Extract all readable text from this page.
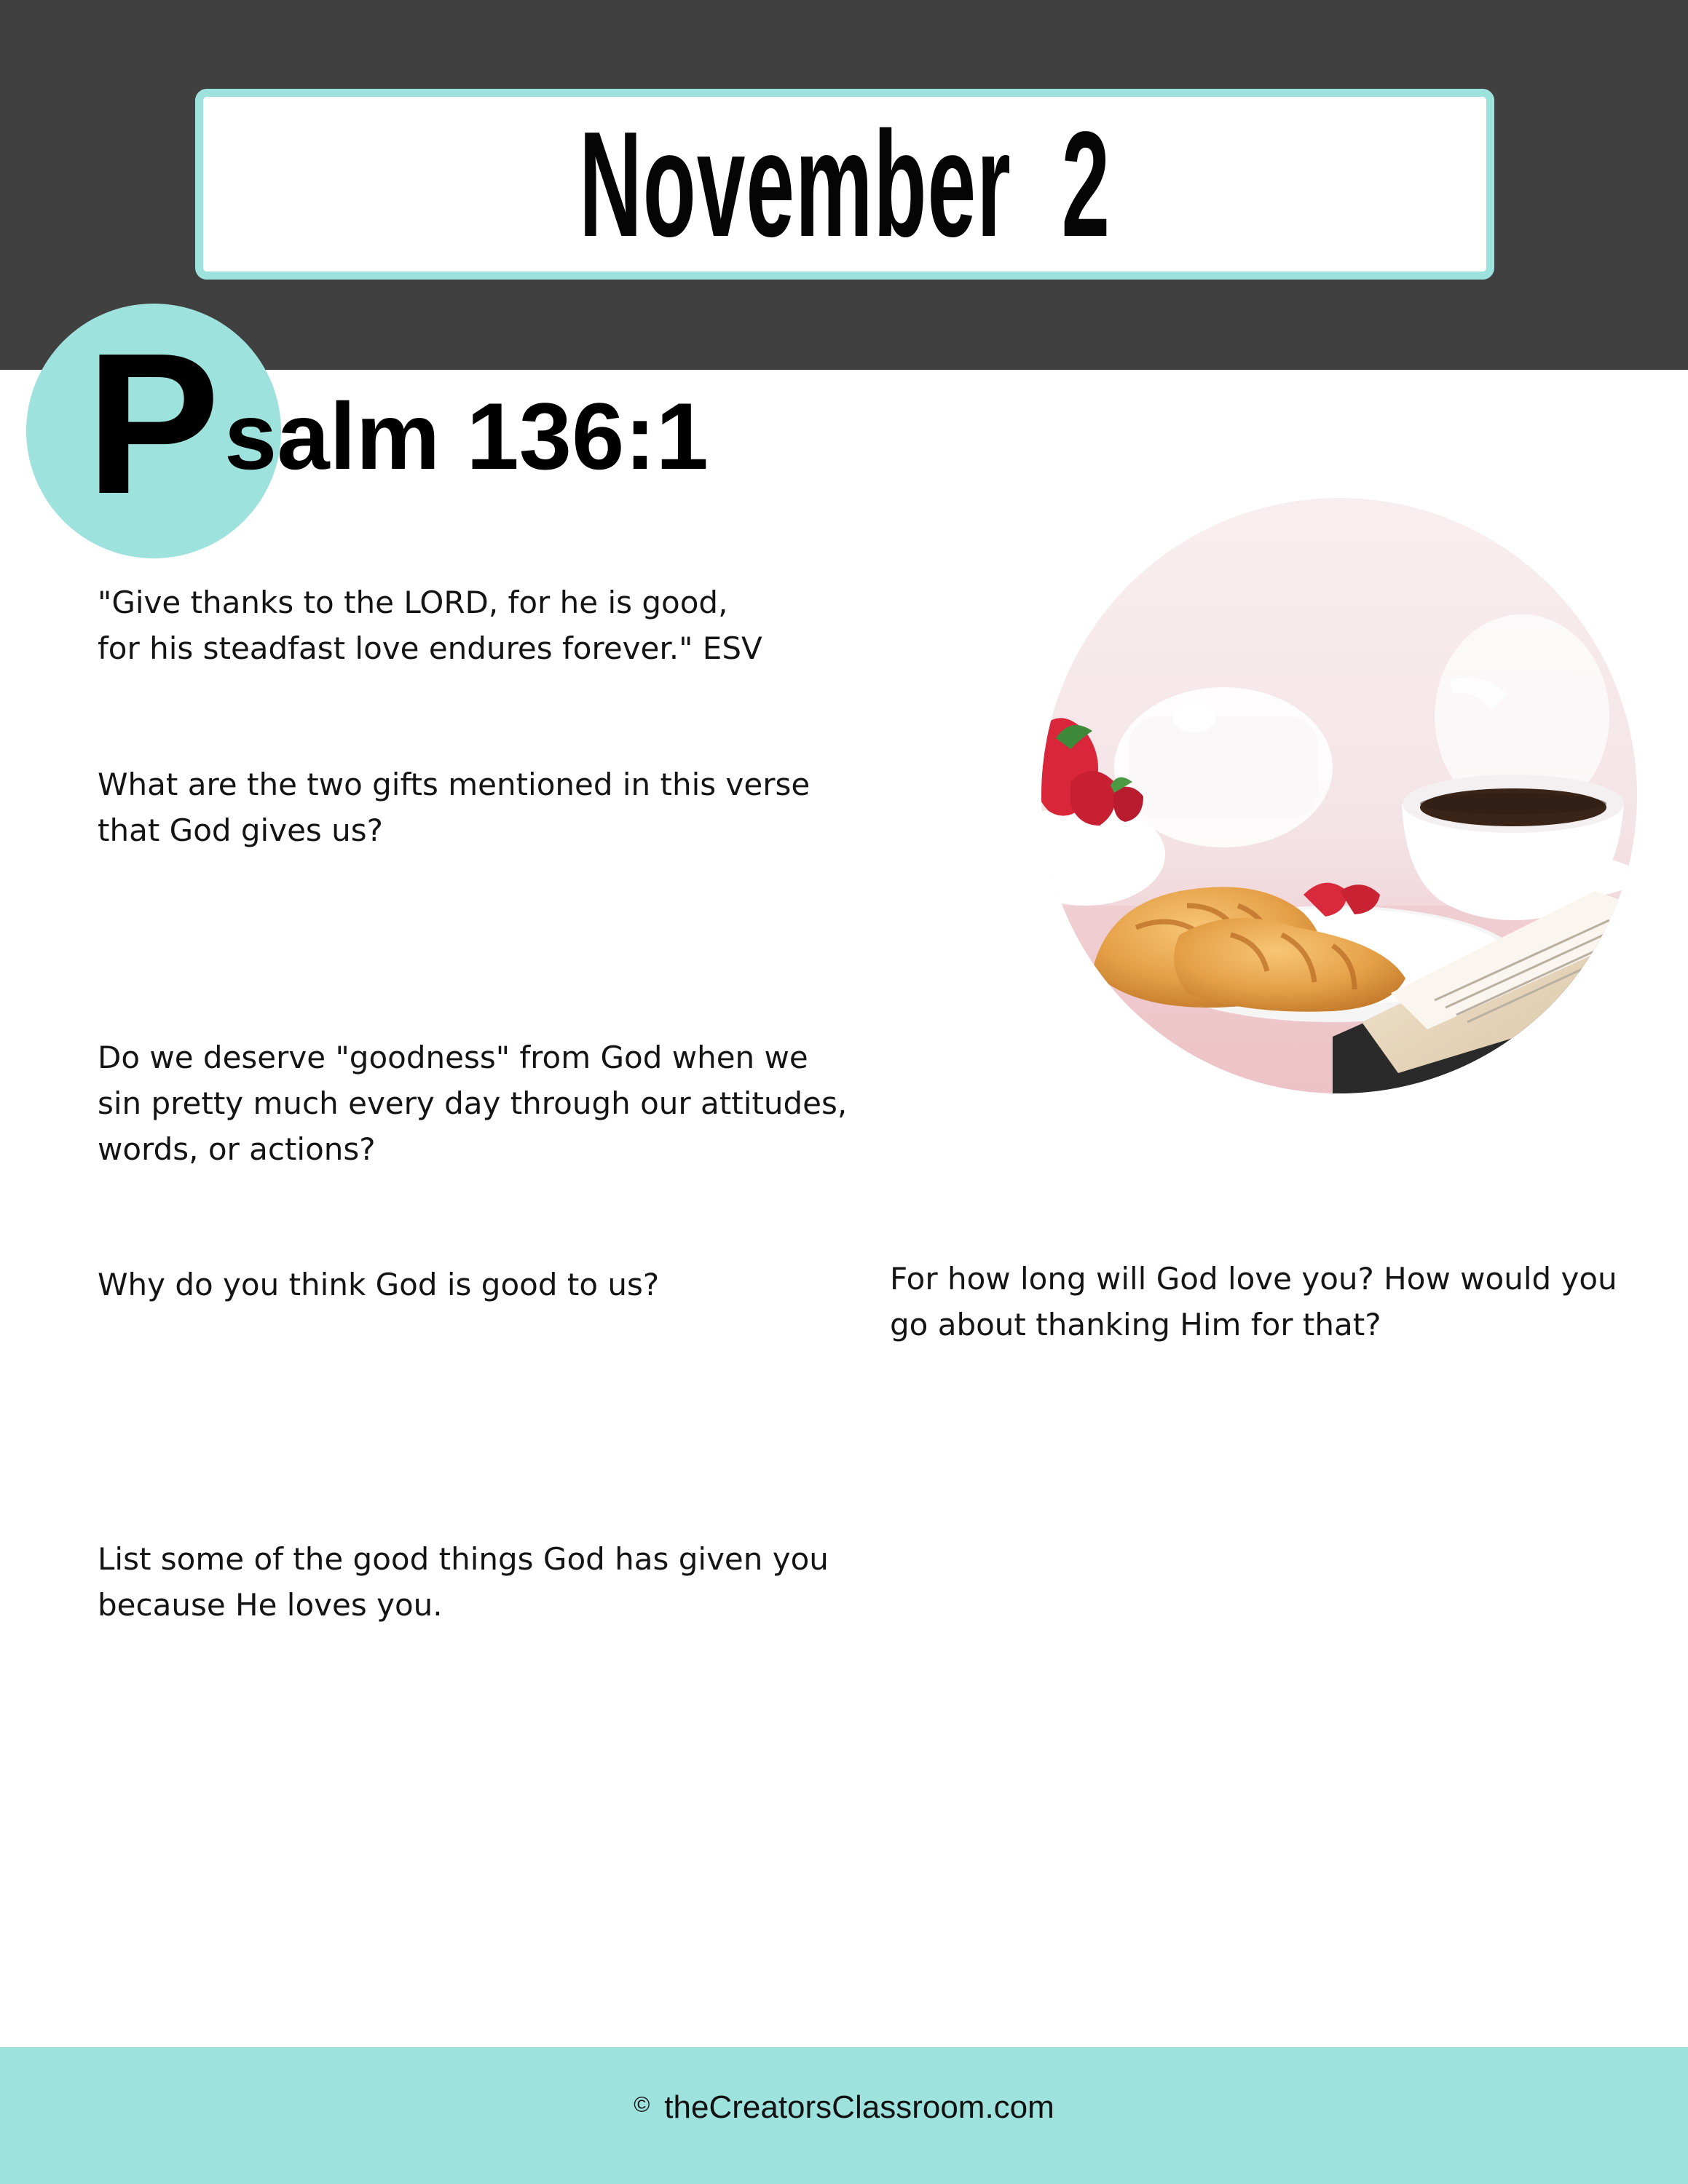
November  2
P salm 136:1
"Give thanks to the LORD, for he is good,
for his steadfast love endures forever." ESV
What are the two gifts mentioned in this verse
that God gives us?
Do we deserve "goodness" from God when we
sin pretty much every day through our attitudes,
words, or actions?
Why do you think God is good to us?	For how long will God love you? How would you
go about thanking Him for that?
List some of the good things God has given you
because He loves you.
© theCreatorsClassroom.com
